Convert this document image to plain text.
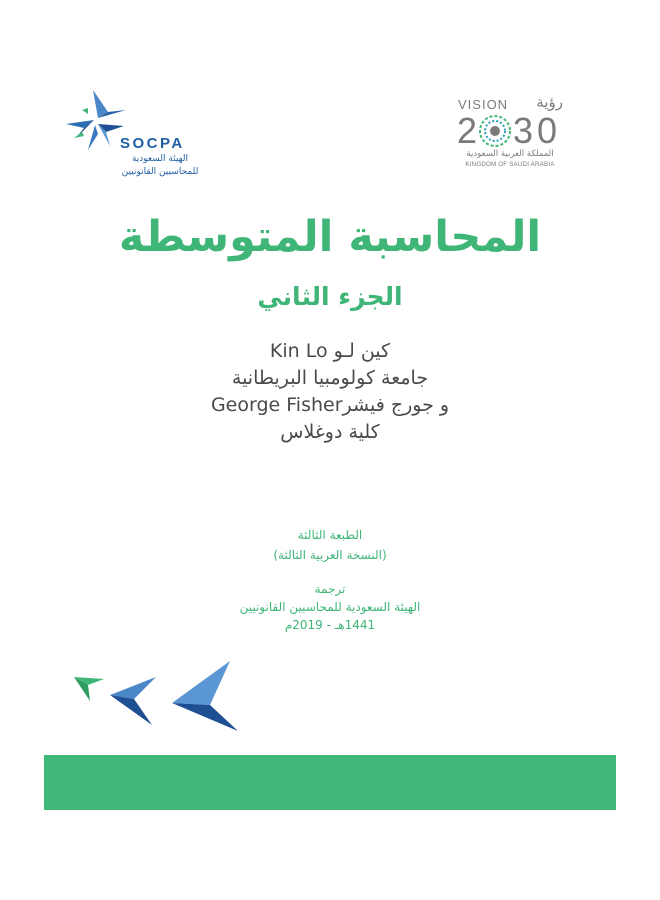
SOCPA
الهيئة السعودية
للمحاسبين القانونيين
VISION رؤية
2 3 0
المملكة العربية السعودية
KINGDOM OF SAUDI ARABIA
المحاسبة المتوسطة
الجزء الثاني
كين لـو Kin Lo
جامعة كولومبيا البريطانية
و جورج فيشرGeorge Fisher
كلية دوغلاس
الطبعة الثالثة
(النسخة العربية الثالثة)
ترجمة
الهيئة السعودية للمحاسبين القانونيين
1441هـ - 2019م
